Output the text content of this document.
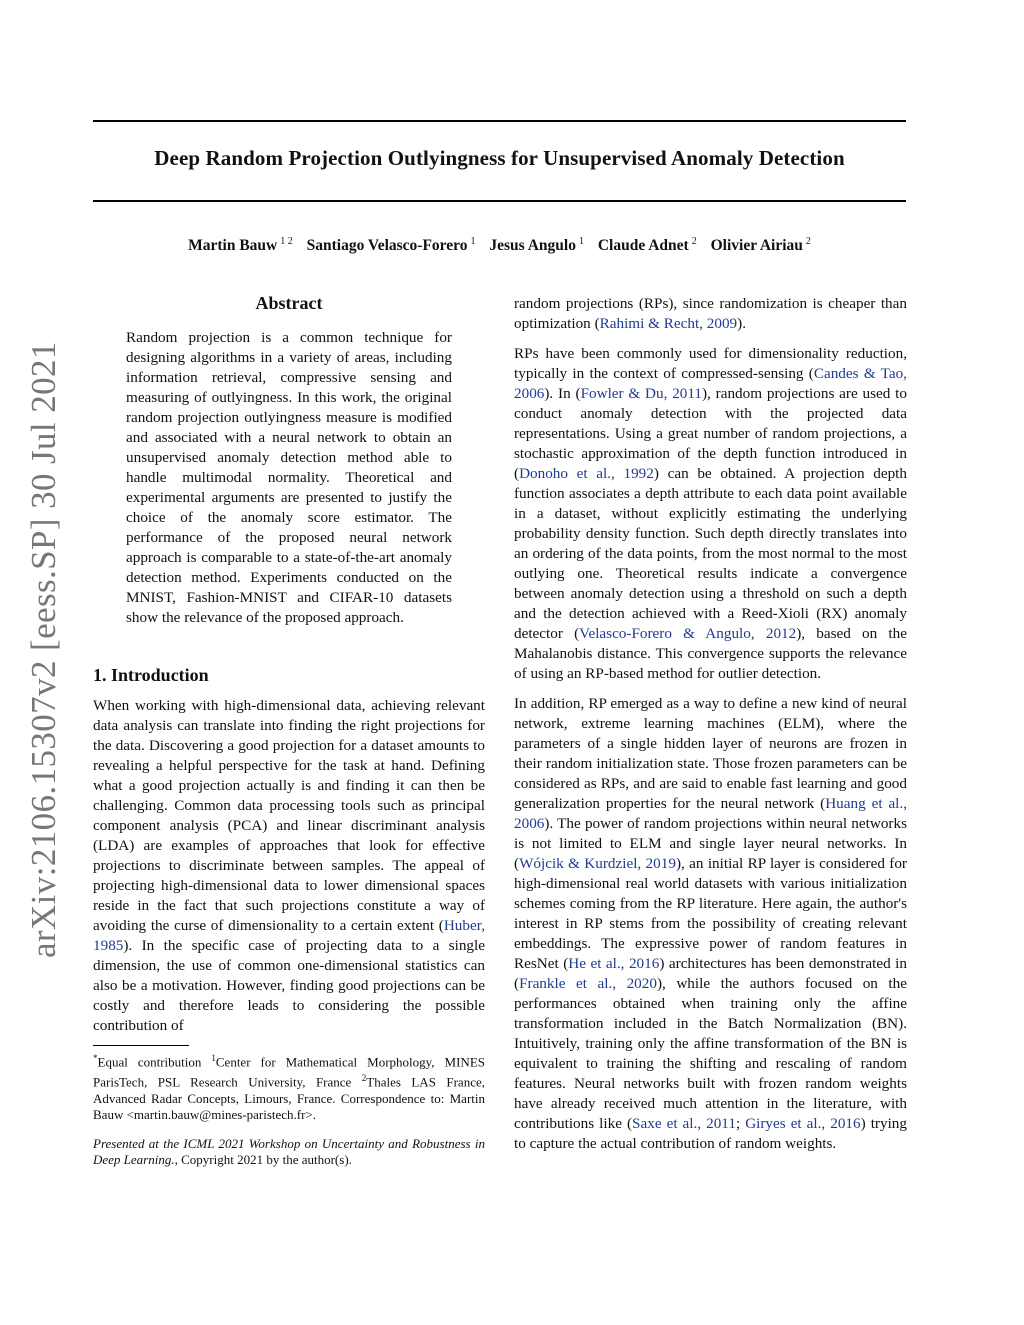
Deep Random Projection Outlyingness for Unsupervised Anomaly Detection
Martin Bauw $^{1 2}$ Santiago Velasco-Forero $^1$ Jesus Angulo $^1$ Claude Adnet $^2$ Olivier Airiau $^2$
arXiv:2106.15307v2 [eess.SP] 30 Jul 2021
Abstract

Random projection is a common technique for designing algorithms in a variety of areas, including information retrieval, compressive sensing and measuring of outlyingness. In this work, the original random projection outlyingness measure is modified and associated with a neural network to obtain an unsupervised anomaly detection method able to handle multimodal normality. Theoretical and experimental arguments are presented to justify the choice of the anomaly score estimator. The performance of the proposed neural network approach is comparable to a state-of-the-art anomaly detection method. Experiments conducted on the MNIST, Fashion-MNIST and CIFAR-10 datasets show the relevance of the proposed approach.

1. Introduction

When working with high-dimensional data, achieving relevant data analysis can translate into finding the right projections for the data. Discovering a good projection for a dataset amounts to revealing a helpful perspective for the task at hand. Defining what a good projection actually is and finding it can then be challenging. Common data processing tools such as principal component analysis (PCA) and linear discriminant analysis (LDA) are examples of approaches that look for effective projections to discriminate between samples. The appeal of projecting high-dimensional data to lower dimensional spaces reside in the fact that such projections constitute a way of avoiding the curse of dimensionality to a certain extent (Huber, 1985). In the specific case of projecting data to a single dimension, the use of common one-dimensional statistics can also be a motivation. However, finding good projections can be costly and therefore leads to considering the possible contribution of

*Equal contribution $^1$Center for Mathematical Morphology, MINES ParisTech, PSL Research University, France $^2$Thales LAS France, Advanced Radar Concepts, Limours, France. Correspondence to: Martin Bauw <martin.bauw@mines-paristech.fr>.
Presented at the ICML 2021 Workshop on Uncertainty and Robustness in Deep Learning., Copyright 2021 by the author(s).

random projections (RPs), since randomization is cheaper than optimization (Rahimi & Recht, 2009).

RPs have been commonly used for dimensionality reduction, typically in the context of compressed-sensing (Candes & Tao, 2006). In (Fowler & Du, 2011), random projections are used to conduct anomaly detection with the projected data representations. Using a great number of random projections, a stochastic approximation of the depth function introduced in (Donoho et al., 1992) can be obtained. A projection depth function associates a depth attribute to each data point available in a dataset, without explicitly estimating the underlying probability density function. Such depth directly translates into an ordering of the data points, from the most normal to the most outlying one. Theoretical results indicate a convergence between anomaly detection using a threshold on such a depth and the detection achieved with a Reed-Xioli (RX) anomaly detector (Velasco-Forero & Angulo, 2012), based on the Mahalanobis distance. This convergence supports the relevance of using an RP-based method for outlier detection.

In addition, RP emerged as a way to define a new kind of neural network, extreme learning machines (ELM), where the parameters of a single hidden layer of neurons are frozen in their random initialization state. Those frozen parameters can be considered as RPs, and are said to enable fast learning and good generalization properties for the neural network (Huang et al., 2006). The power of random projections within neural networks is not limited to ELM and single layer neural networks. In (Wójcik & Kurdziel, 2019), an initial RP layer is considered for high-dimensional real world datasets with various initialization schemes coming from the RP literature. Here again, the author's interest in RP stems from the possibility of creating relevant embeddings. The expressive power of random features in ResNet (He et al., 2016) architectures has been demonstrated in (Frankle et al., 2020), while the authors focused on the performances obtained when training only the affine transformation included in the Batch Normalization (BN). Intuitively, training only the affine transformation of the BN is equivalent to training the shifting and rescaling of random features. Neural networks built with frozen random weights have already received much attention in the literature, with contributions like (Saxe et al., 2011; Giryes et al., 2016) trying to capture the actual contribution of random weights.
